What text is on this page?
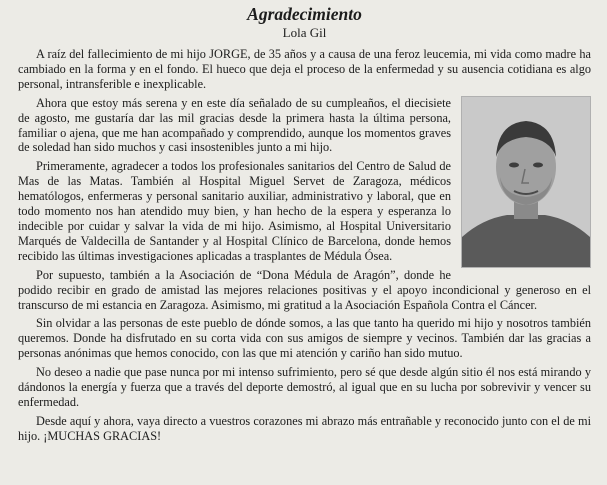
Agradecimiento
Lola Gil

A raíz del fallecimiento de mi hijo JORGE, de 35 años y a causa de una feroz leucemia, mi vida como madre ha cambiado en la forma y en el fondo. El hueco que deja el proceso de la enfermedad y su ausencia cotidiana es algo personal, intransferible e inexplicable.

Ahora que estoy más serena y en este día señalado de su cumpleaños, el diecisiete de agosto, me gustaría dar las mil gracias desde la primera hasta la última persona, familiar o ajena, que me han acompañado y comprendido, aunque los momentos graves de soledad han sido muchos y casi insostenibles junto a mi hijo.

Primeramente, agradecer a todos los profesionales sanitarios del Centro de Salud de Mas de las Matas. También al Hospital Miguel Servet de Zaragoza, médicos hematólogos, enfermeras y personal sanitario auxiliar, administrativo y laboral, que en todo momento nos han atendido muy bien, y han hecho de la espera y esperanza lo indecible por cuidar y salvar la vida de mi hijo. Asimismo, al Hospital Universitario Marqués de Valdecilla de Santander y al Hospital Clínico de Barcelona, donde hemos recibido las últimas investigaciones aplicadas a trasplantes de Médula Ósea.

Por supuesto, también a la Asociación de “Dona Médula de Aragón”, donde he podido recibir en grado de amistad las mejores relaciones positivas y el apoyo incondicional y generoso en el transcurso de mi estancia en Zaragoza. Asimismo, mi gratitud a la Asociación Española Contra el Cáncer.

Sin olvidar a las personas de este pueblo de dónde somos, a las que tanto ha querido mi hijo y nosotros también queremos. Donde ha disfrutado en su corta vida con sus amigos de siempre y vecinos. También dar las gracias a personas anónimas que hemos conocido, con las que mi atención y cariño han sido mutuo.

No deseo a nadie que pase nunca por mi intenso sufrimiento, pero sé que desde algún sitio él nos está mirando y dándonos la energía y fuerza que a través del deporte demostró, al igual que en su lucha por sobrevivir y vencer su enfermedad.

Desde aquí y ahora, vaya directo a vuestros corazones mi abrazo más entrañable y reconocido junto con el de mi hijo. ¡MUCHAS GRACIAS!
